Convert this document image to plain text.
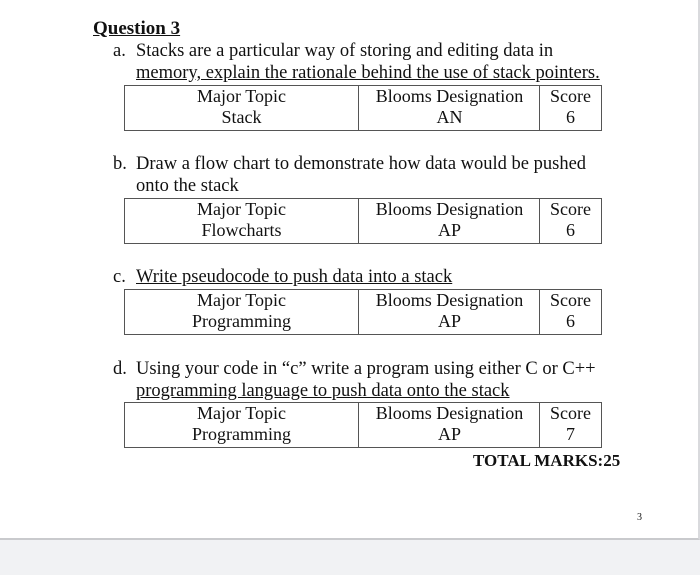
Question 3
a. Stacks are a particular way of storing and editing data in
memory, explain the rationale behind the use of stack pointers.
Major Topic
Stack
Blooms Designation
AN
Score
6
b. Draw a flow chart to demonstrate how data would be pushed
onto the stack
Major Topic
Flowcharts
Blooms Designation
AP
Score
6
c. Write pseudocode to push data into a stack
Major Topic
Programming
Blooms Designation
AP
Score
6
d. Using your code in “c” write a program using either C or C++
programming language to push data onto the stack
Major Topic
Programming
Blooms Designation
AP
Score
7

TOTAL MARKS:25

3
